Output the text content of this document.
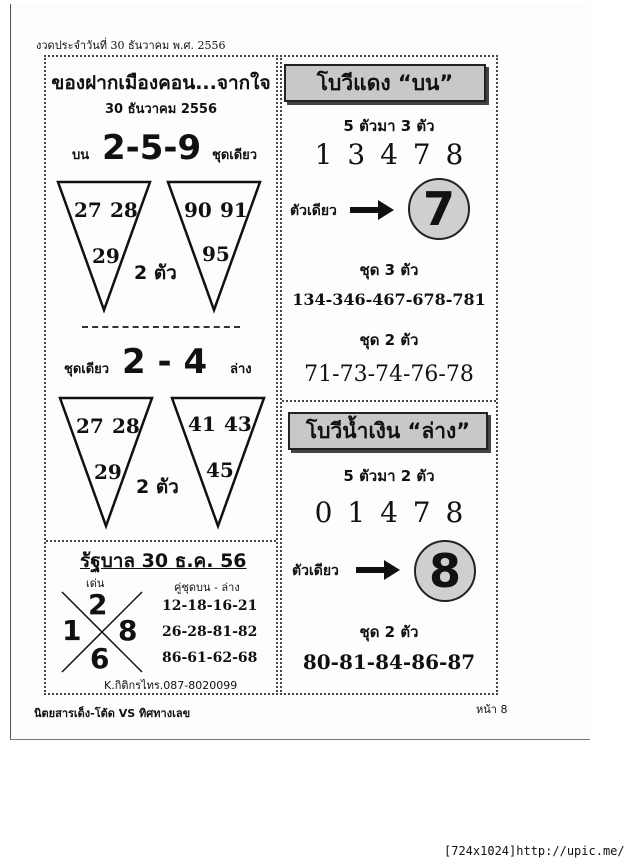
งวดประจำวันที่ 30 ธันวาคม พ.ศ. 2556
ของฝากเมืองคอน...จากใจ
30 ธันวาคม 2556
บน 2-5-9 ชุดเดียว
27 28
29
90 91
95
2 ตัว
ชุดเดียว 2 - 4 ล่าง
27 28
29
41 43
45
2 ตัว
รัฐบาล 30 ธ.ค. 56
เด่น	คู่ชุดบน - ล่าง
2
1 8
6
12-18-16-21
26-28-81-82
86-61-62-68
K.กิติกรไทร.087-8020099
โบวีแดง “บน”
5 ตัวมา 3 ตัว
1 3 4 7 8
ตัวเดียว	7
ชุด 3 ตัว
134-346-467-678-781
ชุด 2 ตัว
71-73-74-76-78
โบวีน้ำเงิน “ล่าง”
5 ตัวมา 2 ตัว
0 1 4 7 8
ตัวเดียว	8
ชุด 2 ตัว
80-81-84-86-87
นิตยสารเด็ง-โต้ด VS ทิศทางเลข	หน้า 8
[724x1024]http://upic.me/
